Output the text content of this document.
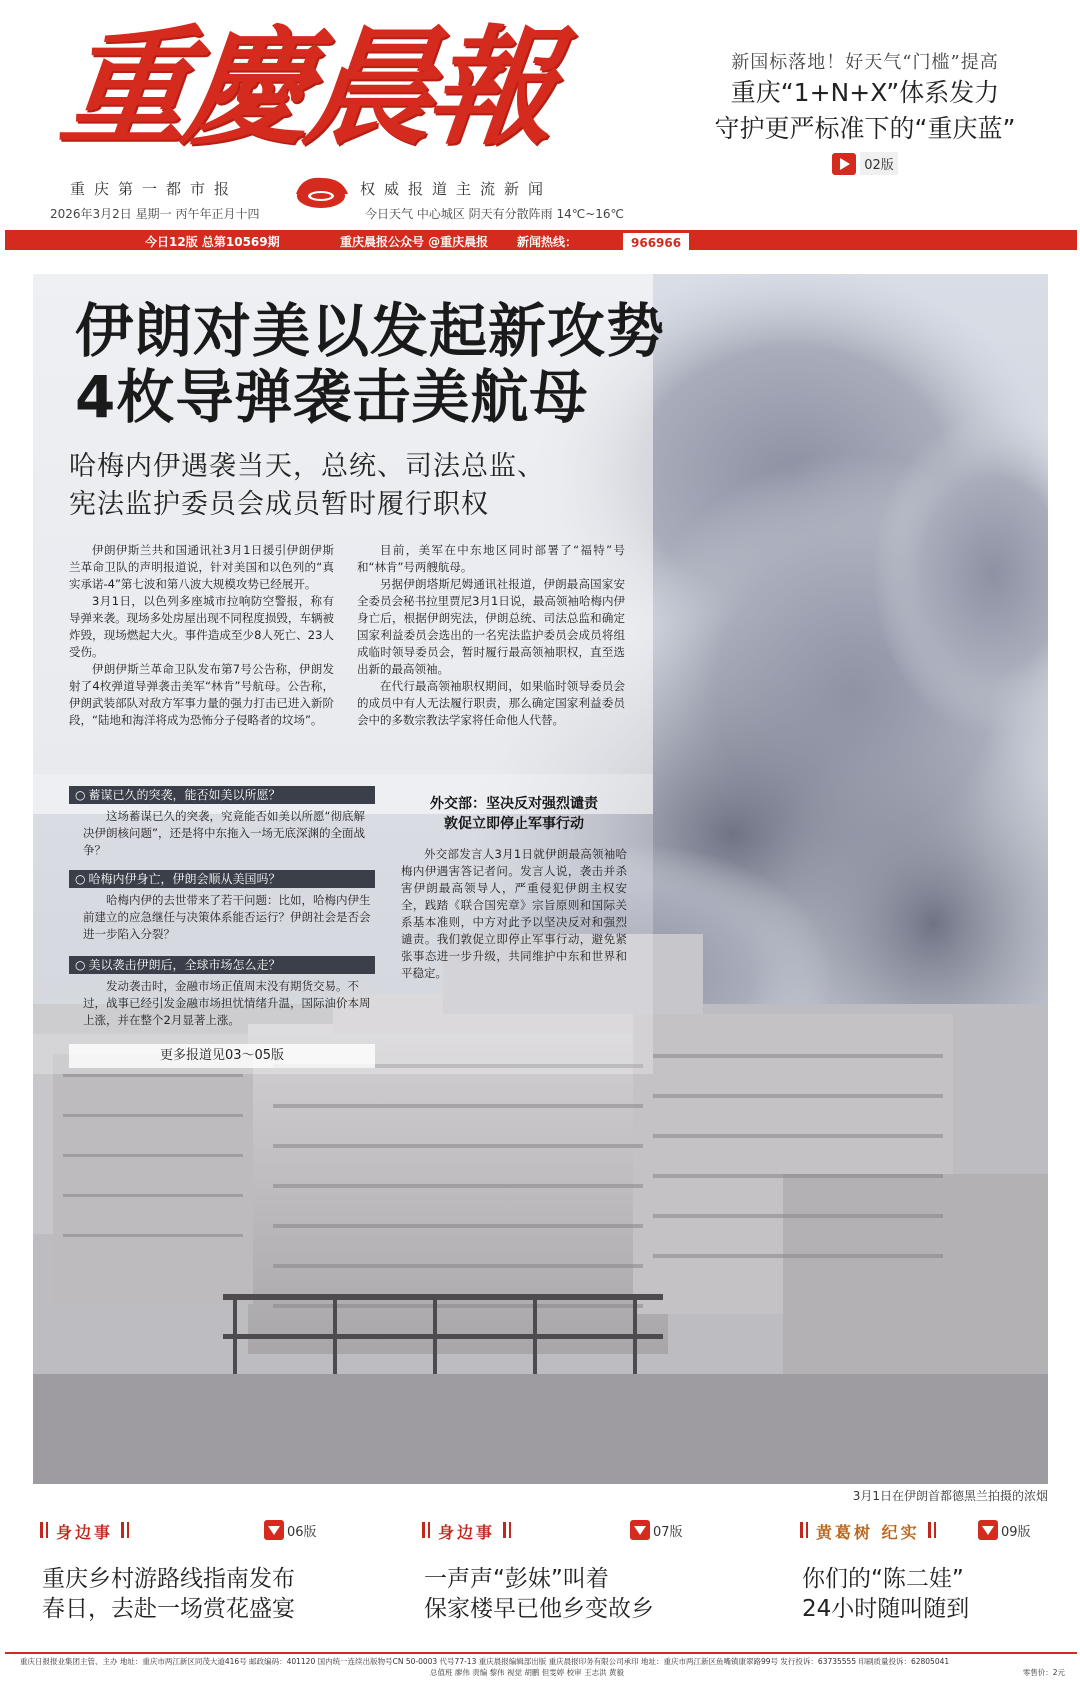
重慶晨報
重庆第一都市报	权威报道主流新闻
2026年3月2日 星期一 丙午年正月十四	今日天气 中心城区 阴天有分散阵雨 14℃~16℃
新国标落地！好天气“门槛”提高
重庆“1+N+X”体系发力
守护更严标准下的“重庆蓝”
02版
今日12版 总第10569期	重庆晨报公众号 @重庆晨报 新闻热线：	966966
伊朗对美以发起新攻势
4枚导弹袭击美航母
哈梅内伊遇袭当天，总统、司法总监、
宪法监护委员会成员暂时履行职权

伊朗伊斯兰共和国通讯社3月1日援引伊朗伊斯兰革命卫队的声明报道说，针对美国和以色列的“真实承诺-4”第七波和第八波大规模攻势已经展开。

3月1日，以色列多座城市拉响防空警报，称有导弹来袭。现场多处房屋出现不同程度损毁，车辆被炸毁，现场燃起大火。事件造成至少8人死亡、23人受伤。

伊朗伊斯兰革命卫队发布第7号公告称，伊朗发射了4枚弹道导弹袭击美军“林肯”号航母。公告称，伊朗武装部队对敌方军事力量的强力打击已进入新阶段，“陆地和海洋将成为恐怖分子侵略者的坟场”。

目前，美军在中东地区同时部署了“福特”号和“林肯”号两艘航母。

另据伊朗塔斯尼姆通讯社报道，伊朗最高国家安全委员会秘书拉里贾尼3月1日说，最高领袖哈梅内伊身亡后，根据伊朗宪法，伊朗总统、司法总监和确定国家利益委员会选出的一名宪法监护委员会成员将组成临时领导委员会，暂时履行最高领袖职权，直至选出新的最高领袖。

在代行最高领袖职权期间，如果临时领导委员会的成员中有人无法履行职责，那么确定国家利益委员会中的多数宗教法学家将任命他人代替。

○ 蓄谋已久的突袭，能否如美以所愿？
这场蓄谋已久的突袭，究竟能否如美以所愿“彻底解决伊朗核问题”，还是将中东拖入一场无底深渊的全面战争？
○ 哈梅内伊身亡，伊朗会顺从美国吗？
哈梅内伊的去世带来了若干问题：比如，哈梅内伊生前建立的应急继任与决策体系能否运行？伊朗社会是否会进一步陷入分裂？
○ 美以袭击伊朗后，全球市场怎么走？
发动袭击时，金融市场正值周末没有期货交易。不过，战事已经引发金融市场担忧情绪升温，国际油价本周上涨，并在整个2月显著上涨。
更多报道见03～05版
外交部：坚决反对强烈谴责
敦促立即停止军事行动
外交部发言人3月1日就伊朗最高领袖哈梅内伊遇害答记者问。发言人说，袭击并杀害伊朗最高领导人，严重侵犯伊朗主权安全，践踏《联合国宪章》宗旨原则和国际关系基本准则，中方对此予以坚决反对和强烈谴责。我们敦促立即停止军事行动，避免紧张事态进一步升级，共同维护中东和世界和平稳定。
3月1日在伊朗首都德黑兰拍摄的浓烟
身边事	06版
重庆乡村游路线指南发布
春日，去赴一场赏花盛宴
身边事	07版
一声声“彭妹”叫着
保家楼早已他乡变故乡
黄葛树 纪实	09版
你们的“陈二娃”
24小时随叫随到
重庆日报报业集团主管、主办 地址：重庆市两江新区同茂大道416号 邮政编码：401120 国内统一连续出版物号CN 50-0003 代号77-13 重庆晨报编辑部出版 重庆晨报印务有限公司承印 地址：重庆市两江新区鱼嘴镇康翠路99号 发行投诉：63735555 印刷质量投诉：62805041
总值班 廖伟 责编 黎伟 视觉 胡鹏 但雯婷 校审 王志洪 黄毅	零售价：2元
